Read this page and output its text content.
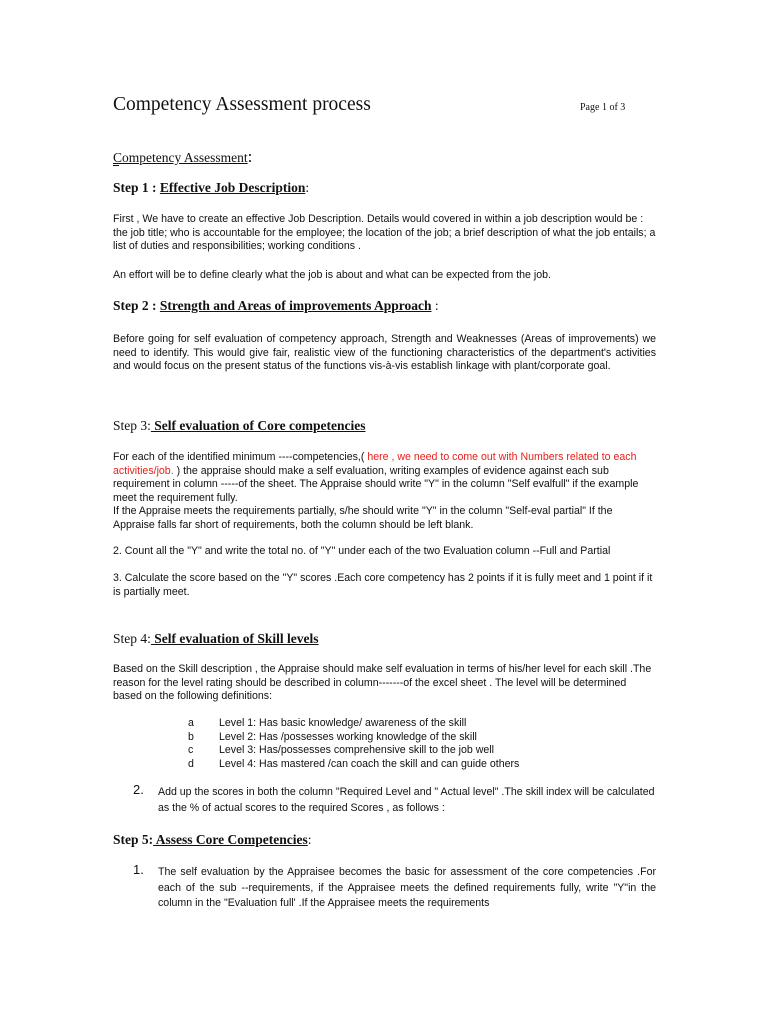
Competency Assessment process	Page 1 of 3
Competency Assessment:
Step 1 : Effective Job Description:
First , We have to create an effective Job Description. Details would covered in within a job description would be : the job title; who is accountable for the employee; the location of the job; a brief description of what the job entails; a list of duties and responsibilities; working conditions .
An effort will be to define clearly what the job is about and what can be expected from the job.
Step 2 : Strength and Areas of improvements Approach :
Before going for self evaluation of competency approach, Strength and Weaknesses (Areas of improvements) we need to identify. This would give fair, realistic view of the functioning characteristics of the department's activities and would focus on the present status of the functions vis-à-vis establish linkage with plant/corporate goal.
Step 3: Self evaluation of Core competencies
For each of the identified minimum ----competencies,( here , we need to come out with Numbers related to each activities/job. ) the appraise should make a self evaluation, writing examples of evidence against each sub requirement in column -----of the sheet. The Appraise should write "Y" in the column "Self evalfull" if the example meet the requirement fully.
If the Appraise meets the requirements partially, s/he should write "Y" in the column "Self-eval partial" If the Appraise falls far short of requirements, both the column should be left blank.
2. Count all the "Y" and write the total no. of "Y" under each of the two Evaluation column --Full and Partial
3. Calculate the score based on the "Y" scores .Each core competency has 2 points if it is fully meet and 1 point if it is partially meet.
Step 4: Self evaluation of Skill levels
Based on the Skill description , the Appraise should make self evaluation in terms of his/her level for each skill .The reason for the level rating should be described in column-------of the excel sheet . The level will be determined based on the following definitions:
a	Level 1: Has basic knowledge/ awareness of the skill
b	Level 2: Has /possesses working knowledge of the skill
c	Level 3: Has/possesses comprehensive skill to the job well
d	Level 4: Has mastered /can coach the skill and can guide others
2. Add up the scores in both the column "Required Level and " Actual level" .The skill index will be calculated as the % of actual scores to the required Scores , as follows :
Step 5: Assess Core Competencies:
1. The self evaluation by the Appraisee becomes the basic for assessment of the core competencies .For each of the sub --requirements, if the Appraisee meets the defined requirements fully, write "Y"in the column in the "Evaluation full' .If the Appraisee meets the requirements
